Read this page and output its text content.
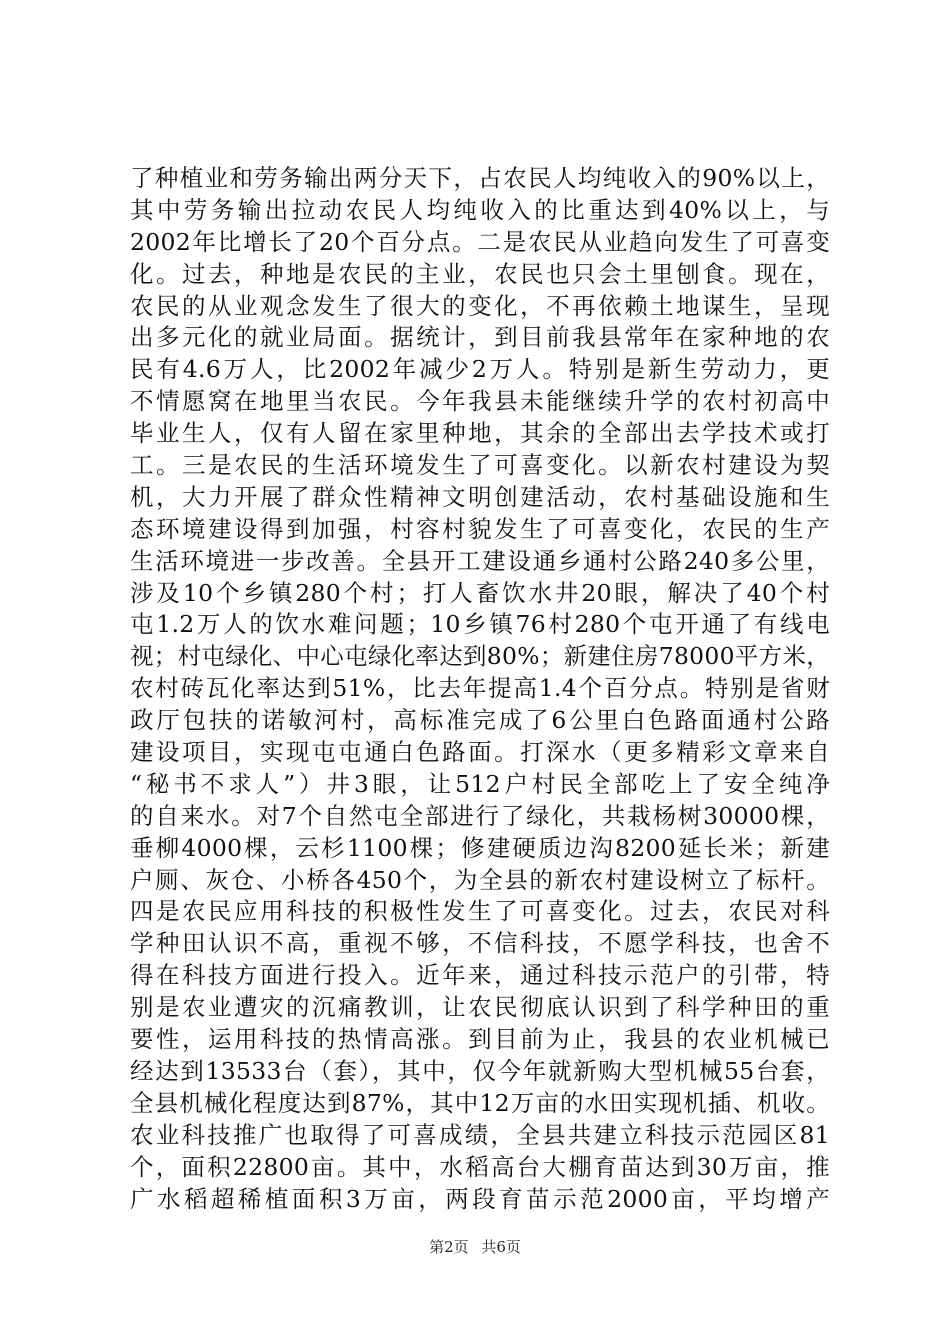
了种植业和劳务输出两分天下，占农民人均纯收入的90%以上，
其中劳务输出拉动农民人均纯收入的比重达到40%以上，与
2002年比增长了20个百分点。二是农民从业趋向发生了可喜变
化。过去，种地是农民的主业，农民也只会土里刨食。现在，
农民的从业观念发生了很大的变化，不再依赖土地谋生，呈现
出多元化的就业局面。据统计，到目前我县常年在家种地的农
民有4.6万人，比2002年减少2万人。特别是新生劳动力，更
不情愿窝在地里当农民。今年我县未能继续升学的农村初高中
毕业生人，仅有人留在家里种地，其余的全部出去学技术或打
工。三是农民的生活环境发生了可喜变化。以新农村建设为契
机，大力开展了群众性精神文明创建活动，农村基础设施和生
态环境建设得到加强，村容村貌发生了可喜变化，农民的生产
生活环境进一步改善。全县开工建设通乡通村公路240多公里，
涉及10个乡镇280个村；打人畜饮水井20眼，解决了40个村
屯1.2万人的饮水难问题；10乡镇76村280个屯开通了有线电
视；村屯绿化、中心屯绿化率达到80%；新建住房78000平方米，
农村砖瓦化率达到51%，比去年提高1.4个百分点。特别是省财
政厅包扶的诺敏河村，高标准完成了6公里白色路面通村公路
建设项目，实现屯屯通白色路面。打深水（更多精彩文章来自
“秘书不求人”）井3眼，让512户村民全部吃上了安全纯净
的自来水。对7个自然屯全部进行了绿化，共栽杨树30000棵，
垂柳4000棵，云杉1100棵；修建硬质边沟8200延长米；新建
户厕、灰仓、小桥各450个，为全县的新农村建设树立了标杆。
四是农民应用科技的积极性发生了可喜变化。过去，农民对科
学种田认识不高，重视不够，不信科技，不愿学科技，也舍不
得在科技方面进行投入。近年来，通过科技示范户的引带，特
别是农业遭灾的沉痛教训，让农民彻底认识到了科学种田的重
要性，运用科技的热情高涨。到目前为止，我县的农业机械已
经达到13533台（套），其中，仅今年就新购大型机械55台套，
全县机械化程度达到87%，其中12万亩的水田实现机插、机收。
农业科技推广也取得了可喜成绩，全县共建立科技示范园区81
个，面积22800亩。其中，水稻高台大棚育苗达到30万亩，推
广水稻超稀植面积3万亩，两段育苗示范2000亩，平均增产
第2页 共6页
